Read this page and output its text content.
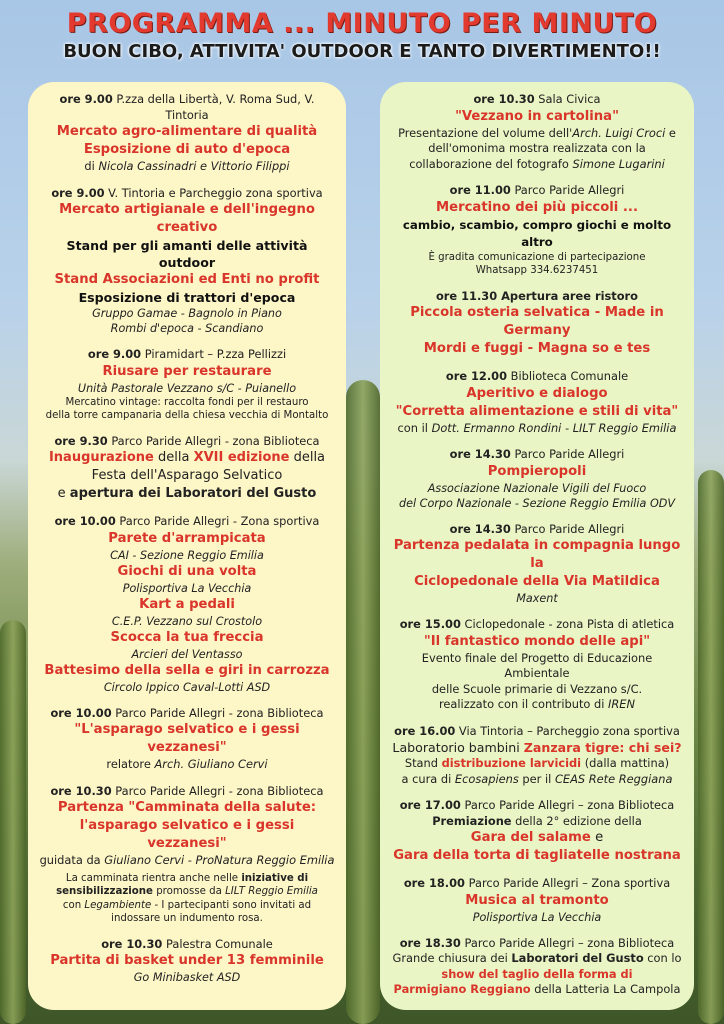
PROGRAMMA ... MINUTO PER MINUTO
BUON CIBO, ATTIVITA' OUTDOOR E TANTO DIVERTIMENTO!!
ore 9.00 P.zza della Libertà, V. Roma Sud, V. Tintoria
Mercato agro-alimentare di qualità
Esposizione di auto d'epoca
di Nicola Cassinadri e Vittorio Filippi
ore 9.00 V. Tintoria e Parcheggio zona sportiva
Mercato artigianale e dell'ingegno creativo
Stand per gli amanti delle attività outdoor
Stand Associazioni ed Enti no profit
Esposizione di trattori d'epoca
Gruppo Gamae - Bagnolo in Piano
Rombi d'epoca - Scandiano
ore 9.00 Piramidart – P.zza Pellizzi
Riusare per restaurare
Unità Pastorale Vezzano s/C - Puianello
Mercatino vintage: raccolta fondi per il restauro
della torre campanaria della chiesa vecchia di Montalto
ore 9.30 Parco Paride Allegri - zona Biblioteca
Inaugurazione della XVII edizione della
Festa dell'Asparago Selvatico
e apertura dei Laboratori del Gusto
ore 10.00 Parco Paride Allegri - Zona sportiva
Parete d'arrampicata
CAI - Sezione Reggio Emilia
Giochi di una volta
Polisportiva La Vecchia
Kart a pedali
C.E.P. Vezzano sul Crostolo
Scocca la tua freccia
Arcieri del Ventasso
Battesimo della sella e giri in carrozza
Circolo Ippico Caval-Lotti ASD
ore 10.00 Parco Paride Allegri - zona Biblioteca
"L'asparago selvatico e i gessi vezzanesi"
relatore Arch. Giuliano Cervi
ore 10.30 Parco Paride Allegri - zona Biblioteca
Partenza "Camminata della salute:
l'asparago selvatico e i gessi vezzanesi"
guidata da Giuliano Cervi - ProNatura Reggio Emilia
La camminata rientra anche nelle iniziative di sensibilizzazione promosse da LILT Reggio Emilia con Legambiente - I partecipanti sono invitati ad indossare un indumento rosa.
ore 10.30 Palestra Comunale
Partita di basket under 13 femminile
Go Minibasket ASD
ore 10.30 Sala Civica
"Vezzano in cartolina"
Presentazione del volume dell'Arch. Luigi Croci e
dell'omonima mostra realizzata con la
collaborazione del fotografo Simone Lugarini
ore 11.00 Parco Paride Allegri
Mercatino dei più piccoli ...
cambio, scambio, compro giochi e molto altro
È gradita comunicazione di partecipazione
Whatsapp 334.6237451
ore 11.30 Apertura aree ristoro
Piccola osteria selvatica - Made in Germany
Mordi e fuggi - Magna so e tes
ore 12.00 Biblioteca Comunale
Aperitivo e dialogo
"Corretta alimentazione e stili di vita"
con il Dott. Ermanno Rondini - LILT Reggio Emilia
ore 14.30 Parco Paride Allegri
Pompieropoli
Associazione Nazionale Vigili del Fuoco
del Corpo Nazionale - Sezione Reggio Emilia ODV
ore 14.30 Parco Paride Allegri
Partenza pedalata in compagnia lungo la
Ciclopedonale della Via Matildica
Maxent
ore 15.00 Ciclopedonale - zona Pista di atletica
"Il fantastico mondo delle api"
Evento finale del Progetto di Educazione Ambientale
delle Scuole primarie di Vezzano s/C.
realizzato con il contributo di IREN
ore 16.00 Via Tintoria – Parcheggio zona sportiva
Laboratorio bambini Zanzara tigre: chi sei?
Stand distribuzione larvicidi (dalla mattina)
a cura di Ecosapiens per il CEAS Rete Reggiana
ore 17.00 Parco Paride Allegri – zona Biblioteca
Premiazione della 2° edizione della
Gara del salame e
Gara della torta di tagliatelle nostrana
ore 18.00 Parco Paride Allegri – Zona sportiva
Musica al tramonto
Polisportiva La Vecchia
ore 18.30 Parco Paride Allegri – zona Biblioteca
Grande chiusura dei Laboratori del Gusto con lo
show del taglio della forma di
Parmigiano Reggiano della Latteria La Campola
